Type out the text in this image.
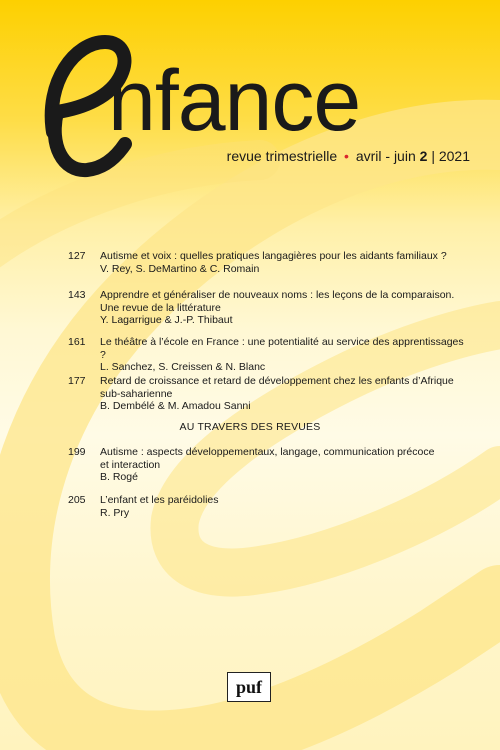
e
nfance
revue trimestrielle • avril - juin 2 | 2021
127	Autisme et voix : quelles pratiques langagières pour les aidants familiaux ?
V. Rey, S. DeMartino & C. Romain
143	Apprendre et généraliser de nouveaux noms : les leçons de la comparaison.
Une revue de la littérature
Y. Lagarrigue & J.-P. Thibaut
161	Le théâtre à l’école en France : une potentialité au service des apprentissages ?
L. Sanchez, S. Creissen & N. Blanc
177	Retard de croissance et retard de développement chez les enfants d’Afrique
sub-saharienne
B. Dembélé & M. Amadou Sanni
AU TRAVERS DES REVUES
199	Autisme : aspects développementaux, langage, communication précoce
et interaction
B. Rogé
205	L’enfant et les paréidolies
R. Pry
puf
